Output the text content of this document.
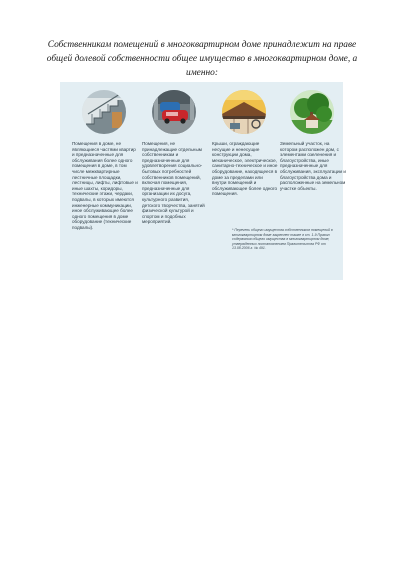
Собственникам помещений в многоквартирном доме принадлежит на праве общей долевой собственности общее имущество в многоквартирном доме, а именно:
Помещения в доме, не являющиеся частями квартир и предназначенные для обслуживания более одного помещения в доме, в том числе межквартирные лестничные площадки, лестницы, лифты, лифтовые и иные шахты, коридоры, технические этажи, чердаки, подвалы, в которых имеются инженерные коммуникации, иное обслуживающее более одного помещения в доме оборудование (технические подвалы).
Помещения, не принадлежащие отдельным собственникам и предназначенные для удовлетворения социально-бытовых потребностей собственников помещений, включая помещения, предназначенные для организации их досуга, культурного развития, детского творчества, занятий физической культурой и спортом и подобных мероприятий.
Крыши, ограждающие несущие и ненесущие конструкции дома, механическое, электрическое, санитарно-техническое и иное оборудование, находящееся в доме за пределами или внутри помещений и обслуживающее более одного помещения.
Земельный участок, на котором расположен дом, с элементами озеленения и благоустройства, иные предназначенные для обслуживания, эксплуатации и благоустройства дома и расположенные на земельном участке объекты.
* Перечень общего имущества собственников помещений в многоквартирном доме закреплен также в ст. 1-9 Правил содержания общего имущества в многоквартирном доме, утвержденных постановлением Правительства РФ от 13.08.2006 г. № 491.
